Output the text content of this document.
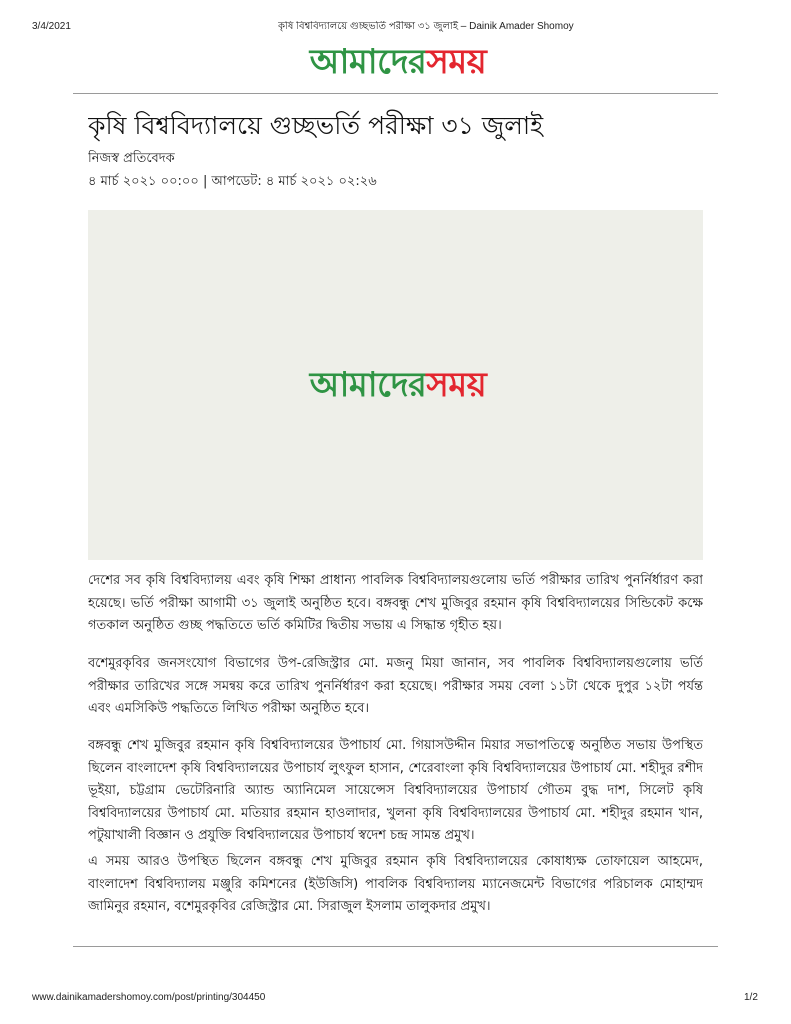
3/4/2021	কৃষি বিশ্ববিদ্যালয়ে গুচ্ছভর্তি পরীক্ষা ৩১ জুলাই – Dainik Amader Shomoy
আমাদেরসময়
কৃষি বিশ্ববিদ্যালয়ে গুচ্ছভর্তি পরীক্ষা ৩১ জুলাই
নিজস্ব প্রতিবেদক
৪ মার্চ ২০২১ ০০:০০ | আপডেট: ৪ মার্চ ২০২১ ০২:২৬
আমাদেরসময়

দেশের সব কৃষি বিশ্ববিদ্যালয় এবং কৃষি শিক্ষা প্রাধান্য পাবলিক বিশ্ববিদ্যালয়গুলোয় ভর্তি পরীক্ষার তারিখ পুনর্নির্ধারণ করা হয়েছে। ভর্তি পরীক্ষা আগামী ৩১ জুলাই অনুষ্ঠিত হবে। বঙ্গবন্ধু শেখ মুজিবুর রহমান কৃষি বিশ্ববিদ্যালয়ের সিন্ডিকেট কক্ষে গতকাল অনুষ্ঠিত গুচ্ছ পদ্ধতিতে ভর্তি কমিটির দ্বিতীয় সভায় এ সিদ্ধান্ত গৃহীত হয়।

বশেমুরকৃবির জনসংযোগ বিভাগের উপ-রেজিস্ট্রার মো. মজনু মিয়া জানান, সব পাবলিক বিশ্ববিদ্যালয়গুলোয় ভর্তি পরীক্ষার তারিখের সঙ্গে সমন্বয় করে তারিখ পুনর্নির্ধারণ করা হয়েছে। পরীক্ষার সময় বেলা ১১টা থেকে দুপুর ১২টা পর্যন্ত এবং এমসিকিউ পদ্ধতিতে লিখিত পরীক্ষা অনুষ্ঠিত হবে।

বঙ্গবন্ধু শেখ মুজিবুর রহমান কৃষি বিশ্ববিদ্যালয়ের উপাচার্য মো. গিয়াসউদ্দীন মিয়ার সভাপতিত্বে অনুষ্ঠিত সভায় উপস্থিত ছিলেন বাংলাদেশ কৃষি বিশ্ববিদ্যালয়ের উপাচার্য লুৎফুল হাসান, শেরেবাংলা কৃষি বিশ্ববিদ্যালয়ের উপাচার্য মো. শহীদুর রশীদ ভূইয়া, চট্টগ্রাম ভেটেরিনারি অ্যান্ড অ্যানিমেল সায়েন্সেস বিশ্ববিদ্যালয়ের উপাচার্য গৌতম বুদ্ধ দাশ, সিলেট কৃষি বিশ্ববিদ্যালয়ের উপাচার্য মো. মতিয়ার রহমান হাওলাদার, খুলনা কৃষি বিশ্ববিদ্যালয়ের উপাচার্য মো. শহীদুর রহমান খান, পটুয়াখালী বিজ্ঞান ও প্রযুক্তি বিশ্ববিদ্যালয়ের উপাচার্য স্বদেশ চন্দ্র সামন্ত প্রমুখ।

এ সময় আরও উপস্থিত ছিলেন বঙ্গবন্ধু শেখ মুজিবুর রহমান কৃষি বিশ্ববিদ্যালয়ের কোষাধ্যক্ষ তোফায়েল আহমেদ, বাংলাদেশ বিশ্ববিদ্যালয় মঞ্জুরি কমিশনের (ইউজিসি) পাবলিক বিশ্ববিদ্যালয় ম্যানেজমেন্ট বিভাগের পরিচালক মোহাম্মদ জামিনুর রহমান, বশেমুরকৃবির রেজিস্ট্রার মো. সিরাজুল ইসলাম তালুকদার প্রমুখ।

www.dainikamadershomoy.com/post/printing/304450	1/2
